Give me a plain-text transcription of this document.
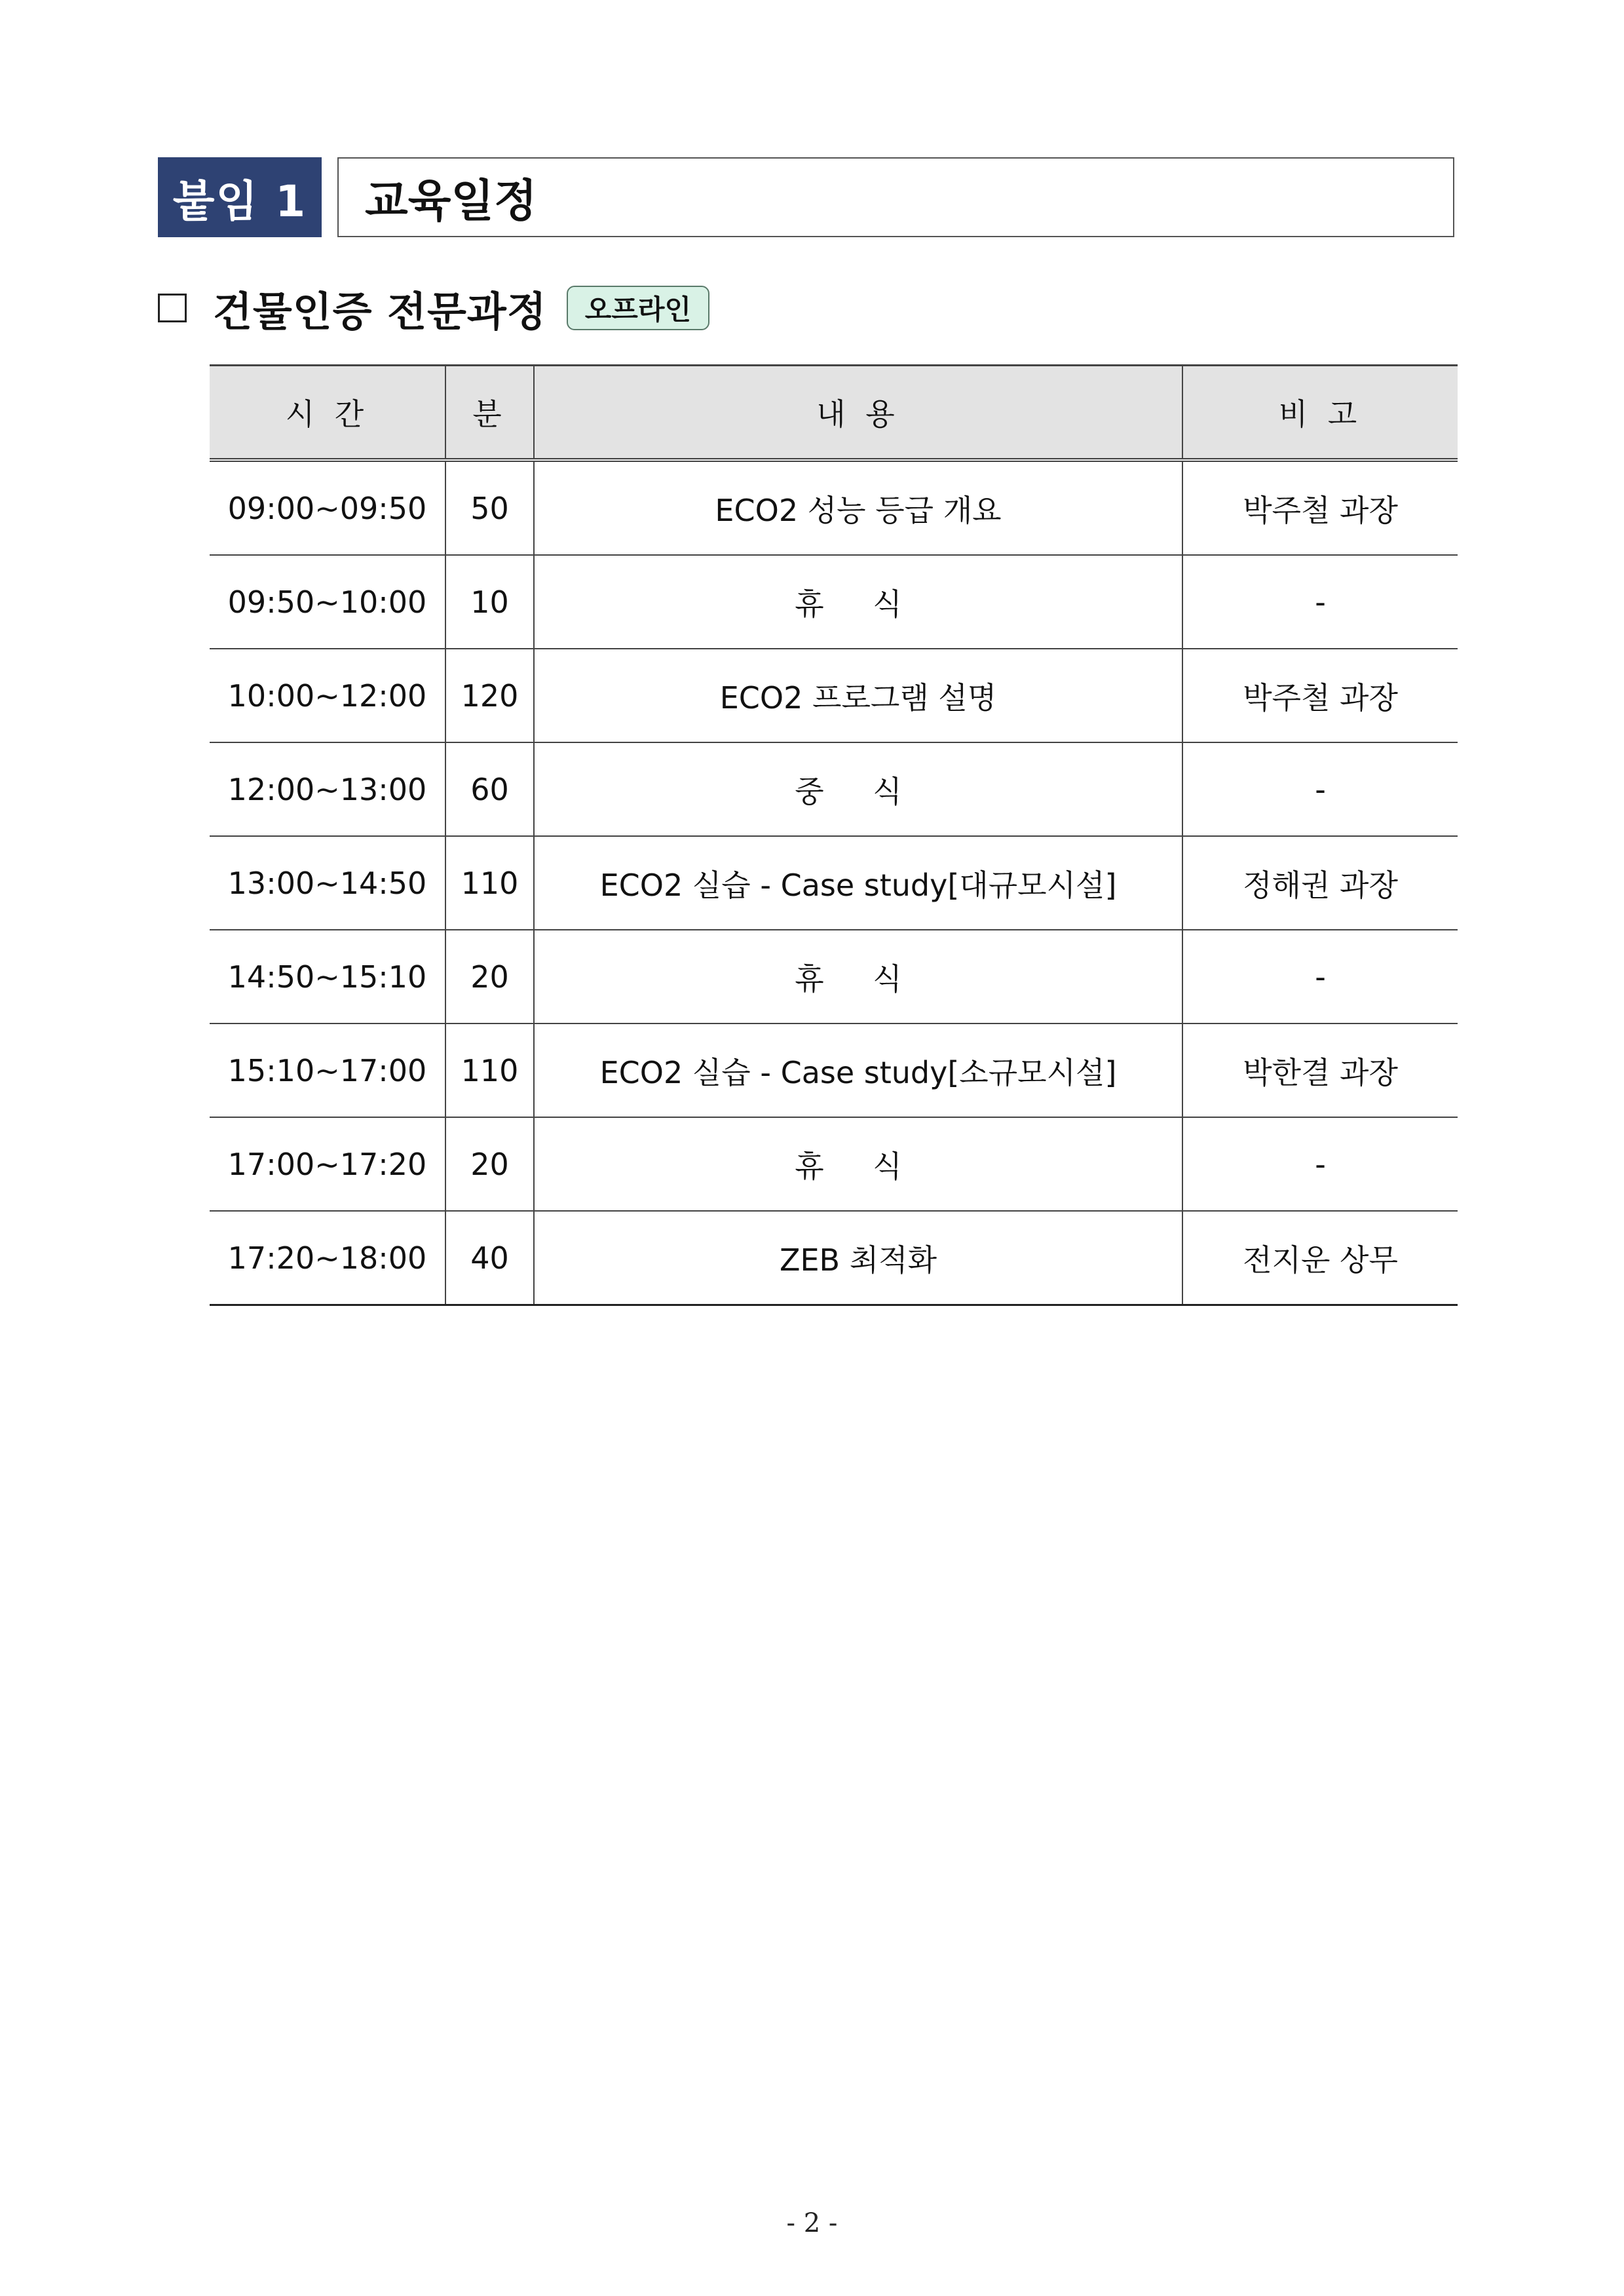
붙임 1	교육일정
건물인증 전문과정	오프라인
시 간	분	내 용	비 고
09:00∼09:50	50	ECO2 성능 등급 개요	박주철 과장
09:50~10:00	10	휴 식	-
10:00~12:00	120	ECO2 프로그램 설명	박주철 과장
12:00∼13:00	60	중 식	-
13:00∼14:50	110	ECO2 실습 - Case study[대규모시설]	정해권 과장
14:50∼15:10	20	휴 식	-
15:10∼17:00	110	ECO2 실습 - Case study[소규모시설]	박한결 과장
17:00~17:20	20	휴 식	-
17:20~18:00	40	ZEB 최적화	전지운 상무
- 2 -
